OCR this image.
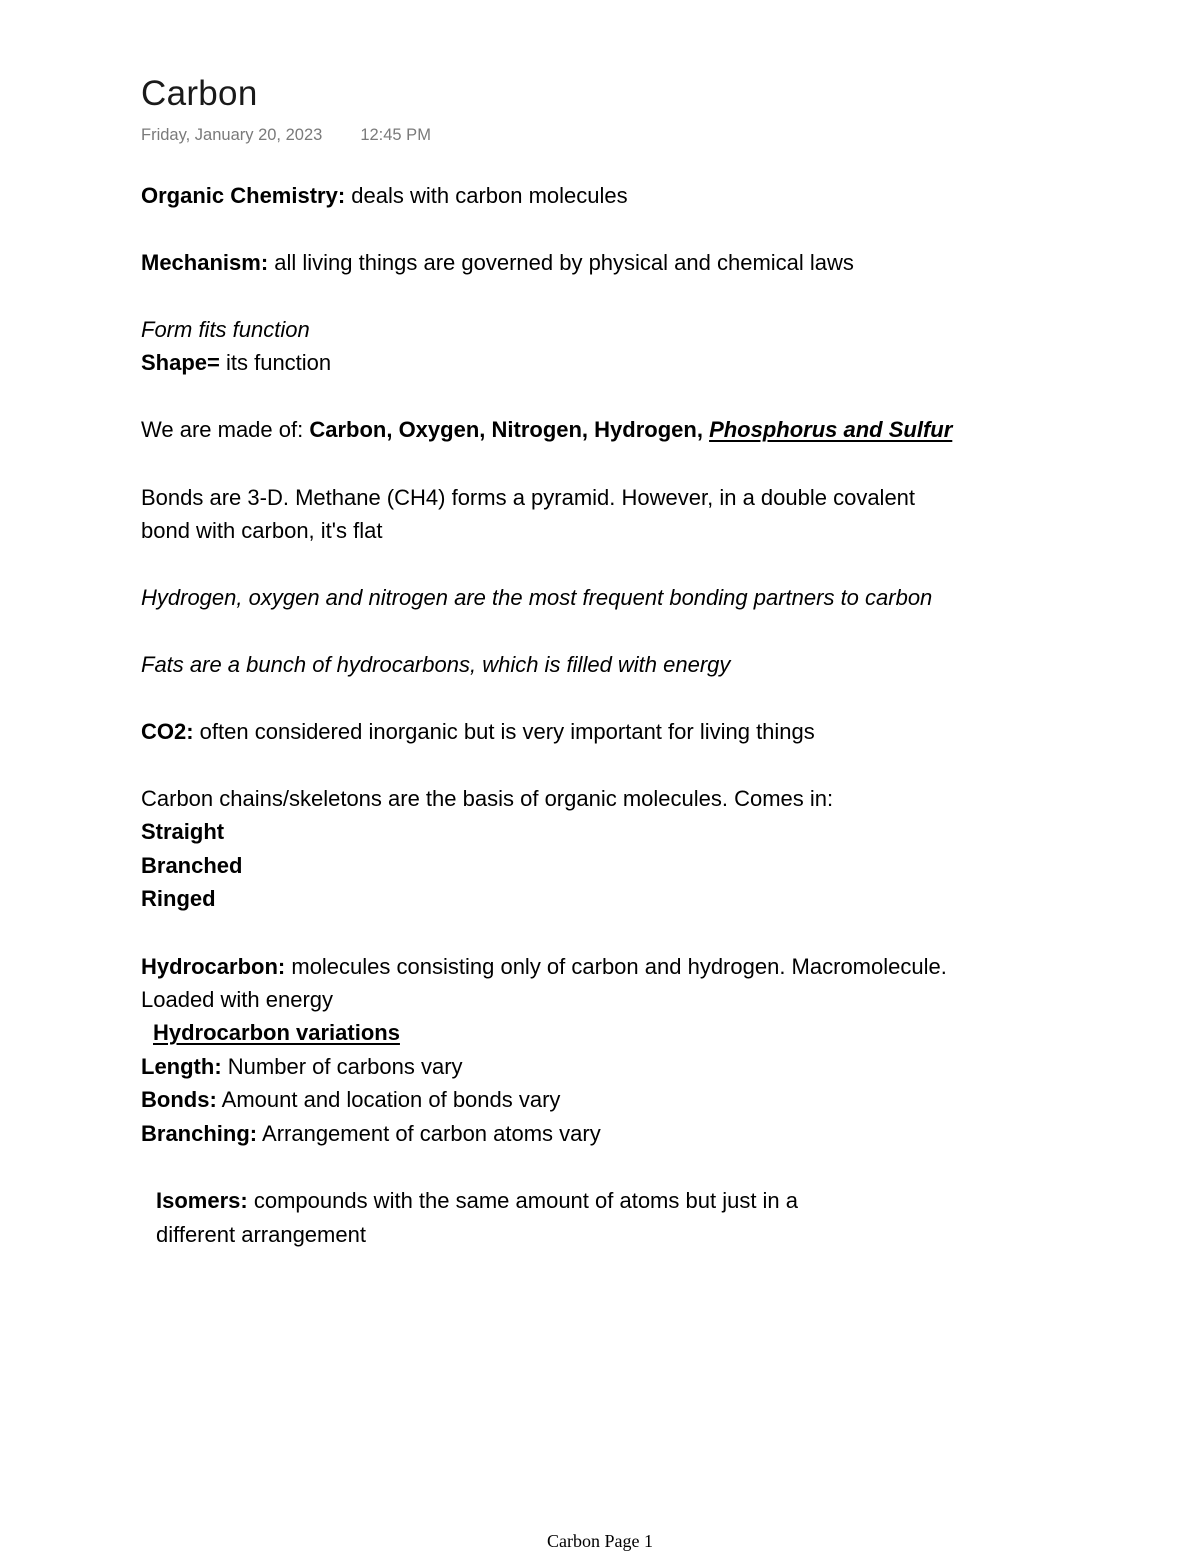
Carbon
Friday, January 20, 2023 12:45 PM
Organic Chemistry: deals with carbon molecules
Mechanism: all living things are governed by physical and chemical laws
Form fits function
Shape= its function
We are made of: Carbon, Oxygen, Nitrogen, Hydrogen, Phosphorus and Sulfur
Bonds are 3-D. Methane (CH4) forms a pyramid. However, in a double covalent
bond with carbon, it's flat
Hydrogen, oxygen and nitrogen are the most frequent bonding partners to carbon
Fats are a bunch of hydrocarbons, which is filled with energy
CO2: often considered inorganic but is very important for living things
Carbon chains/skeletons are the basis of organic molecules. Comes in:
Straight
Branched
Ringed
Hydrocarbon: molecules consisting only of carbon and hydrogen. Macromolecule.
Loaded with energy
Hydrocarbon variations
Length: Number of carbons vary
Bonds: Amount and location of bonds vary
Branching: Arrangement of carbon atoms vary
Isomers: compounds with the same amount of atoms but just in a
different arrangement
Carbon Page 1
